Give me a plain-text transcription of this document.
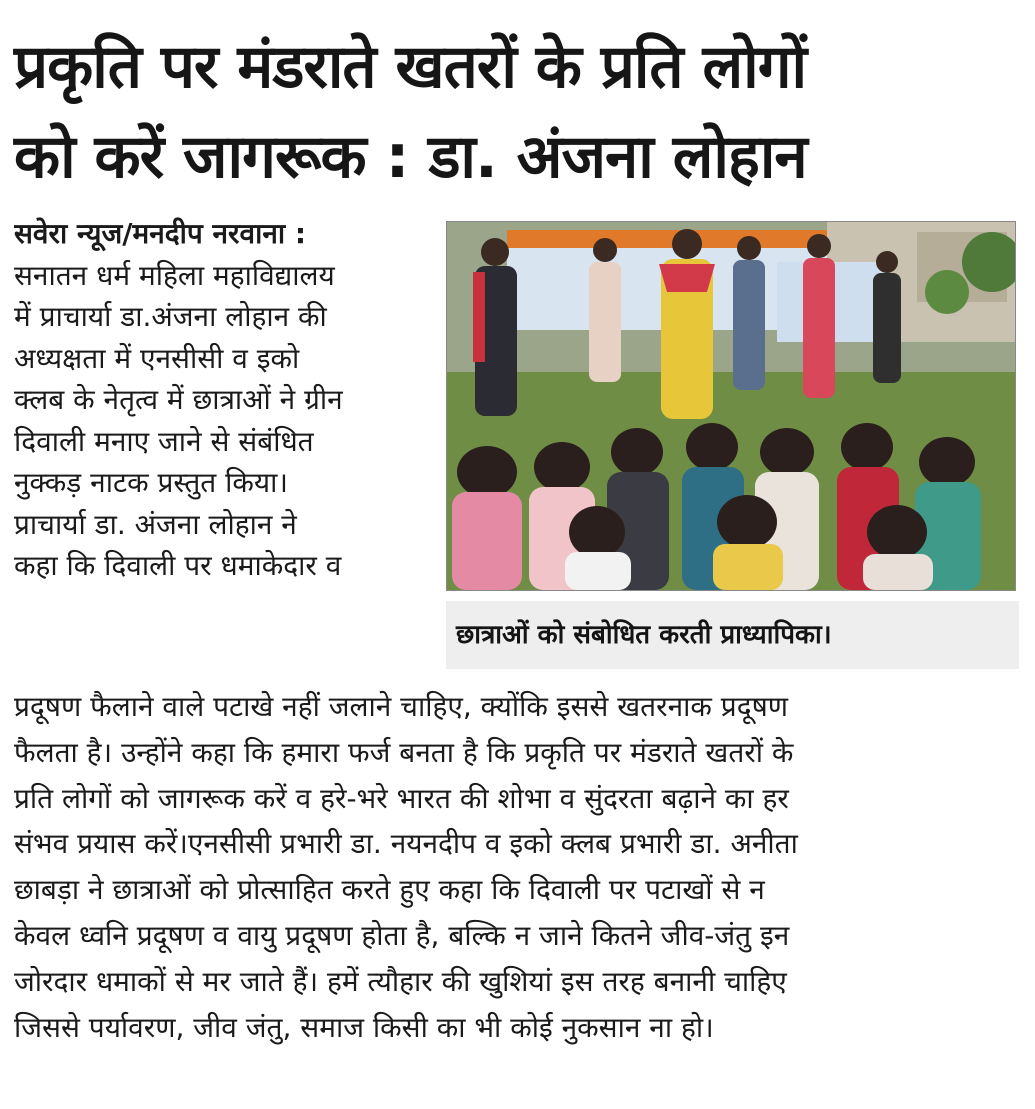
प्रकृति पर मंडराते खतरों के प्रति लोगों
को करें जागरूक : डा. अंजना लोहान
सवेरा न्यूज/मनदीप नरवाना :
सनातन धर्म महिला महाविद्यालय
में प्राचार्या डा.अंजना लोहान की
अध्यक्षता में एनसीसी व इको
क्लब के नेतृत्व में छात्राओं ने ग्रीन
दिवाली मनाए जाने से संबंधित
नुक्कड़ नाटक प्रस्तुत किया।
प्राचार्या डा. अंजना लोहान ने
कहा कि दिवाली पर धमाकेदार व
छात्राओं को संबोधित करती प्राध्यापिका।
प्रदूषण फैलाने वाले पटाखे नहीं जलाने चाहिए, क्योंकि इससे खतरनाक प्रदूषण
फैलता है। उन्होंने कहा कि हमारा फर्ज बनता है कि प्रकृति पर मंडराते खतरों के
प्रति लोगों को जागरूक करें व हरे-भरे भारत की शोभा व सुंदरता बढ़ाने का हर
संभव प्रयास करें।एनसीसी प्रभारी डा. नयनदीप व इको क्लब प्रभारी डा. अनीता
छाबड़ा ने छात्राओं को प्रोत्साहित करते हुए कहा कि दिवाली पर पटाखों से न
केवल ध्वनि प्रदूषण व वायु प्रदूषण होता है, बल्कि न जाने कितने जीव-जंतु इन
जोरदार धमाकों से मर जाते हैं। हमें त्यौहार की खुशियां इस तरह बनानी चाहिए
जिससे पर्यावरण, जीव जंतु, समाज किसी का भी कोई नुकसान ना हो।
